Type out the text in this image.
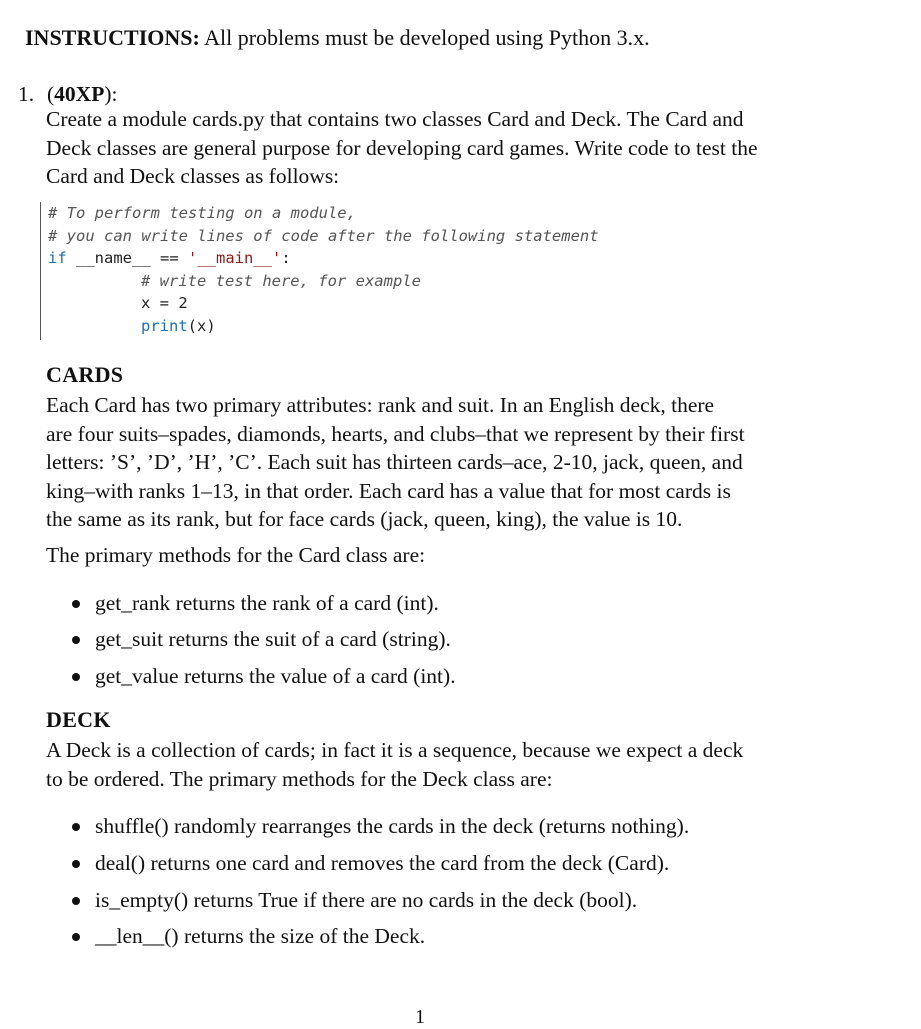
INSTRUCTIONS: All problems must be developed using Python 3.x.
1. (40XP):
Create a module cards.py that contains two classes Card and Deck. The Card and
Deck classes are general purpose for developing card games. Write code to test the
Card and Deck classes as follows:
# To perform testing on a module,
# you can write lines of code after the following statement
if __name__ == '__main__':
# write test here, for example
x = 2
print(x)
CARDS
Each Card has two primary attributes: rank and suit. In an English deck, there
are four suits–spades, diamonds, hearts, and clubs–that we represent by their first
letters: ’S’, ’D’, ’H’, ’C’. Each suit has thirteen cards–ace, 2-10, jack, queen, and
king–with ranks 1–13, in that order. Each card has a value that for most cards is
the same as its rank, but for face cards (jack, queen, king), the value is 10.
The primary methods for the Card class are:
get_rank returns the rank of a card (int).
get_suit returns the suit of a card (string).
get_value returns the value of a card (int).
DECK
A Deck is a collection of cards; in fact it is a sequence, because we expect a deck
to be ordered. The primary methods for the Deck class are:
shuffle() randomly rearranges the cards in the deck (returns nothing).
deal() returns one card and removes the card from the deck (Card).
is_empty() returns True if there are no cards in the deck (bool).
__len__() returns the size of the Deck.
1
